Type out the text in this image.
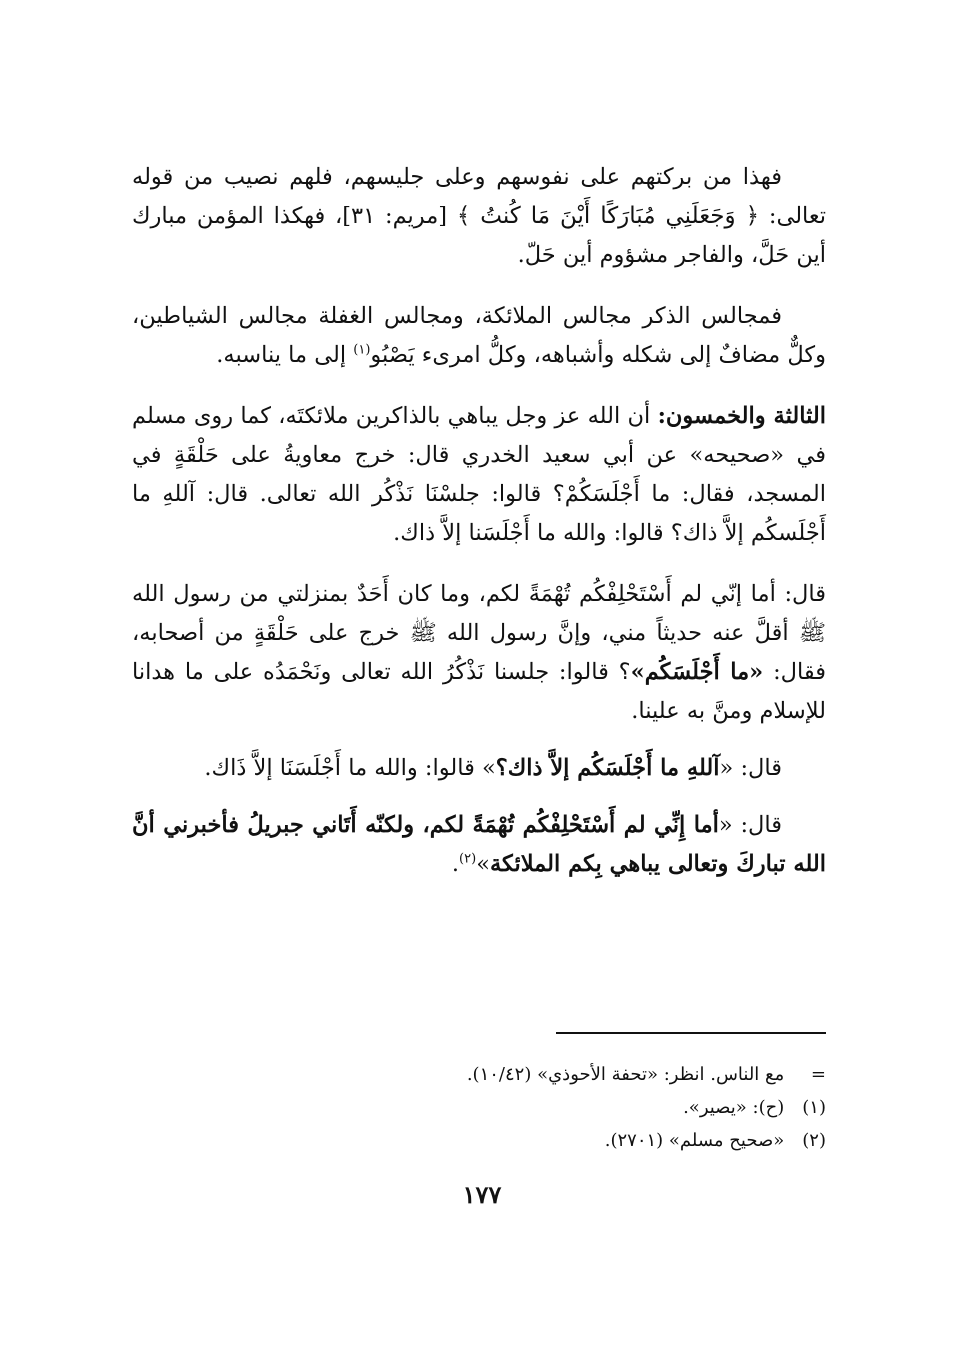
فهذا من بركتهم على نفوسهم وعلى جليسهم، فلهم نصيب من قوله تعالى: ﴿ وَجَعَلَنِي مُبَارَكًا أَيْنَ مَا كُنتُ ﴾ [مريم: ٣١]، فهكذا المؤمن مبارك أين حَلَّ، والفاجر مشؤوم أين حَلّ.

فمجالس الذكر مجالس الملائكة، ومجالس الغفلة مجالس الشياطين، وكلٌّ مضافٌ إلى شكله وأشباهه، وكلُّ امرىء يَصْبُو$^{(١)}$ إلى ما يناسبه.

الثالثة والخمسون: أن الله عز وجل يباهي بالذاكرين ملائكتَه، كما روى مسلم في «صحيحه» عن أبي سعيد الخدري قال: خرج معاويةُ على حَلْقَةٍ في المسجد، فقال: ما أَجْلَسَكُمْ؟ قالوا: جلسْنَا نَذْكُر الله تعالى. قال: آللهِ ما أَجْلَسكُم إلاَّ ذاك؟ قالوا: والله ما أَجْلَسَنا إلاَّ ذاك.

قال: أما إنّي لم أَسْتَحْلِفْكُم تُهْمَةً لكم، وما كان أَحَدٌ بمنزلتي من رسول الله ﷺ أقلَّ عنه حديثاً مني، وإنَّ رسول الله ﷺ خرج على حَلْقَةٍ من أصحابه، فقال: «ما أَجْلَسَكُم»؟ قالوا: جلسنا نَذْكُرُ الله تعالى ونَحْمَدُه على ما هدانا للإسلام ومنَّ به علينا.

قال: «آللهِ ما أَجْلَسَكُم إلاَّ ذاك؟» قالوا: والله ما أَجْلَسَنَا إلاَّ ذَاك.

قال: «أما إِنِّي لم أَسْتَحْلِفْكُم تُهْمَةً لكم، ولكنّه أَتَاني جبريلُ فأخبرني أنَّ الله تباركَ وتعالى يباهي بِكم الملائكة»$^{(٢)}$.

= مع الناس. انظر: «تحفة الأحوذي» (١٠/٤٢).

(١) (ح): «يصير».

(٢) «صحيح مسلم» (٢٧٠١).

١٧٧
